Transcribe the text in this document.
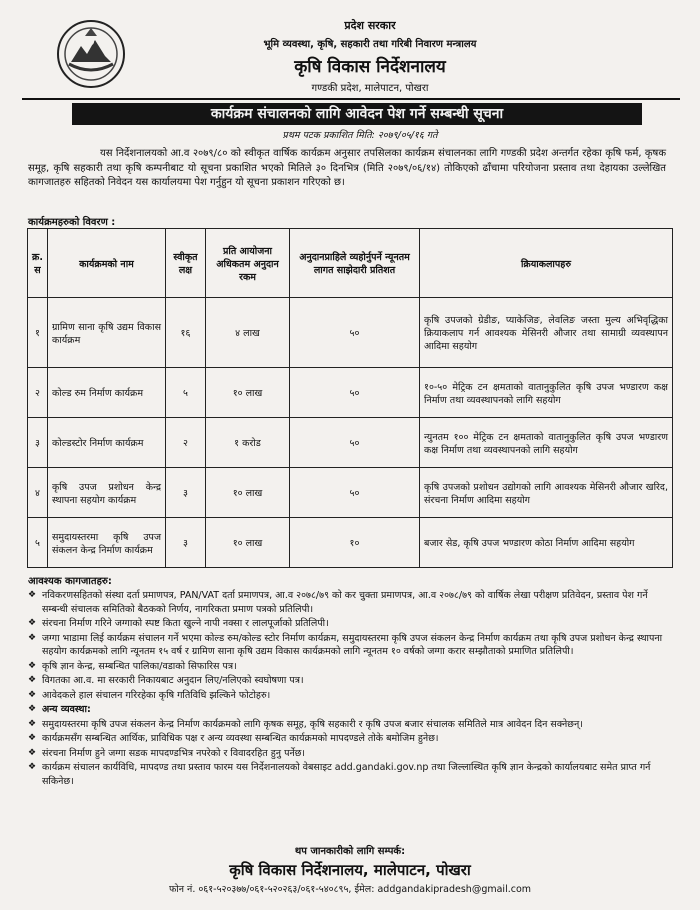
प्रदेश सरकार
भूमि व्यवस्था, कृषि, सहकारी तथा गरिबी निवारण मन्त्रालय
कृषि विकास निर्देशनालय
गण्डकी प्रदेश, मालेपाटन, पोखरा
कार्यक्रम संचालनको लागि आवेदन पेश गर्ने सम्बन्धी सूचना
प्रथम पटक प्रकाशित मिति: २०७९/०५/१६ गते
यस निर्देशनालयको आ.व २०७९/८० को स्वीकृत वार्षिक कार्यक्रम अनुसार तपसिलका कार्यक्रम संचालनका लागि गण्डकी प्रदेश अन्तर्गत रहेका कृषि फर्म, कृषक समूह, कृषि सहकारी तथा कृषि कम्पनीबाट यो सूचना प्रकाशित भएको मितिले ३० दिनभित्र (मिति २०७९/०६/१४) तोकिएको ढाँचामा परियोजना प्रस्ताव तथा देहायका उल्लेखित कागजातहरु सहितको निवेदन यस कार्यालयमा पेश गर्नुहुन यो सूचना प्रकाशन गरिएको छ।
कार्यक्रमहरुको विवरण :
क्र. स	कार्यक्रमको नाम	स्वीकृत लक्ष	प्रति आयोजना अधिकतम अनुदान रकम	अनुदानप्राहिले व्यहोर्नुपर्ने न्यूनतम लागत साझेदारी प्रतिशत	क्रियाकलापहरु
१	ग्रामिण साना कृषि उद्यम विकास कार्यक्रम	१६	४ लाख	५०	कृषि उपजको ग्रेडीङ, प्याकेजिङ, लेवलिङ जस्ता मुल्य अभिवृद्धिका क्रियाकलाप गर्न आवश्यक मेसिनरी औजार तथा सामाग्री व्यवस्थापन आदिमा सहयोग
२	कोल्ड रुम निर्माण कार्यक्रम	५	१० लाख	५०	१०-५० मेट्रिक टन क्षमताको वातानुकुलित कृषि उपज भण्डारण कक्ष निर्माण तथा व्यवस्थापनको लागि सहयोग
३	कोल्डस्टोर निर्माण कार्यक्रम	२	१ करोड	५०	न्युनतम १०० मेट्रिक टन क्षमताको वातानुकुलित कृषि उपज भण्डारण कक्ष निर्माण तथा व्यवस्थापनको लागि सहयोग
४	कृषि उपज प्रशोधन केन्द्र स्थापना सहयोग कार्यक्रम	३	१० लाख	५०	कृषि उपजको प्रशोधन उद्योगको लागि आवश्यक मेसिनरी औजार खरिद, संरचना निर्माण आदिमा सहयोग
५	समुदायस्तरमा कृषि उपज संकलन केन्द्र निर्माण कार्यक्रम	३	१० लाख	१०	बजार सेड, कृषि उपज भण्डारण कोठा निर्माण आदिमा सहयोग
आवश्यक कागजातहरु:
❖ नविकरणसहितको संस्था दर्ता प्रमाणपत्र, PAN/VAT दर्ता प्रमाणपत्र, आ.व २०७८/७९ को कर चुक्ता प्रमाणपत्र, आ.व २०७८/७९ को वार्षिक लेखा परीक्षण प्रतिवेदन, प्रस्ताव पेश गर्ने सम्बन्धी संचालक समितिको बैठकको निर्णय, नागरिकता प्रमाण पत्रको प्रतिलिपी।
❖ संरचना निर्माण गरिने जग्गाको स्पष्ट किता खुल्ने नापी नक्सा र लालपूर्जाको प्रतिलिपी।
❖ जग्गा भाडामा लिई कार्यक्रम संचालन गर्ने भएमा कोल्ड रुम/कोल्ड स्टोर निर्माण कार्यक्रम, समुदायस्तरमा कृषि उपज संकलन केन्द्र निर्माण कार्यक्रम तथा कृषि उपज प्रशोधन केन्द्र स्थापना सहयोग कार्यक्रमको लागि न्यूनतम १५ वर्ष र ग्रामिण साना कृषि उद्यम विकास कार्यक्रमको लागि न्यूनतम १० वर्षको जग्गा करार सम्झौताको प्रमाणित प्रतिलिपी।
❖ कृषि ज्ञान केन्द्र, सम्बन्धित पालिका/वडाको सिफारिस पत्र।
❖ विगतका आ.व. मा सरकारी निकायबाट अनुदान लिए/नलिएको स्वघोषणा पत्र।
❖ आवेदकले हाल संचालन गरिरहेका कृषि गतिविधि झल्किने फोटोहरु।
❖ अन्य व्यवस्था:
❖ समुदायस्तरमा कृषि उपज संकलन केन्द्र निर्माण कार्यक्रमको लागि कृषक समूह, कृषि सहकारी र कृषि उपज बजार संचालक समितिले मात्र आवेदन दिन सक्नेछन्।
❖ कार्यक्रमसँग सम्बन्धित आर्थिक, प्राविधिक पक्ष र अन्य व्यवस्था सम्बन्धित कार्यक्रमको मापदण्डले तोके बमोजिम हुनेछ।
❖ संरचना निर्माण हुने जग्गा सडक मापदण्डभित्र नपरेको र विवादरहित हुनु पर्नेछ।
❖ कार्यक्रम संचालन कार्यविधि, मापदण्ड तथा प्रस्ताव फारम यस निर्देशनालयको वेबसाइट add.gandaki.gov.np तथा जिल्लास्थित कृषि ज्ञान केन्द्रको कार्यालयबाट समेत प्राप्त गर्न सकिनेछ।
थप जानकारीको लागि सम्पर्क:
कृषि विकास निर्देशनालय, मालेपाटन, पोखरा
फोन नं. ०६१-५२०३७७/०६१-५२०२६३/०६१-५४०८९५, ईमेल: addgandakipradesh@gmail.com
